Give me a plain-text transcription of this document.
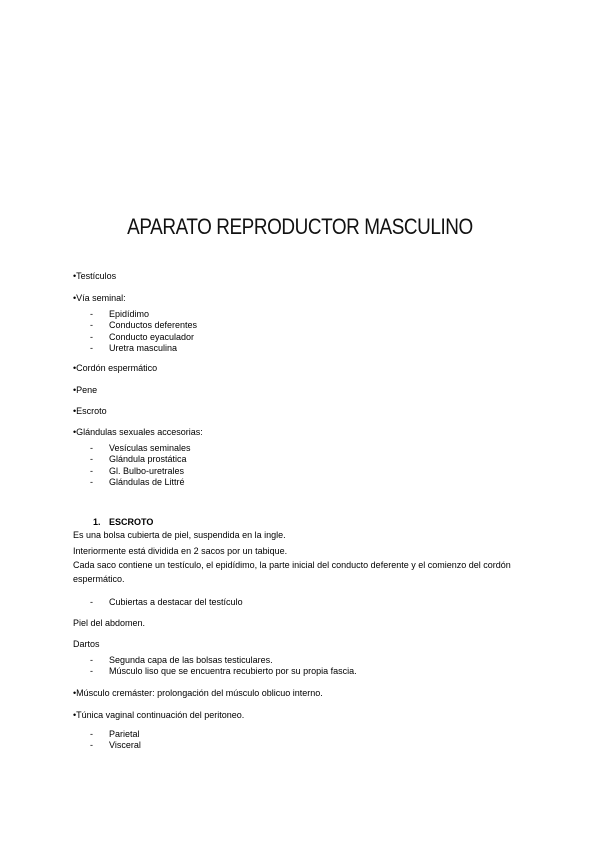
APARATO REPRODUCTOR MASCULINO
•Testículos
•Vía seminal:
- Epidídimo
- Conductos deferentes
- Conducto eyaculador
- Uretra masculina
•Cordón espermático
•Pene
•Escroto
•Glándulas sexuales accesorias:
- Vesículas seminales
- Glándula prostática
- Gl. Bulbo-uretrales
- Glándulas de Littré
1. ESCROTO
Es una bolsa cubierta de piel, suspendida en la ingle.
Interiormente está dividida en 2 sacos por un tabique.
Cada saco contiene un testículo, el epidídimo, la parte inicial del conducto deferente y el comienzo del cordón
espermático.
- Cubiertas a destacar del testículo
Piel del abdomen.
Dartos
- Segunda capa de las bolsas testiculares.
- Músculo liso que se encuentra recubierto por su propia fascia.
•Músculo cremáster: prolongación del músculo oblicuo interno.
•Túnica vaginal continuación del peritoneo.
- Parietal
- Visceral
